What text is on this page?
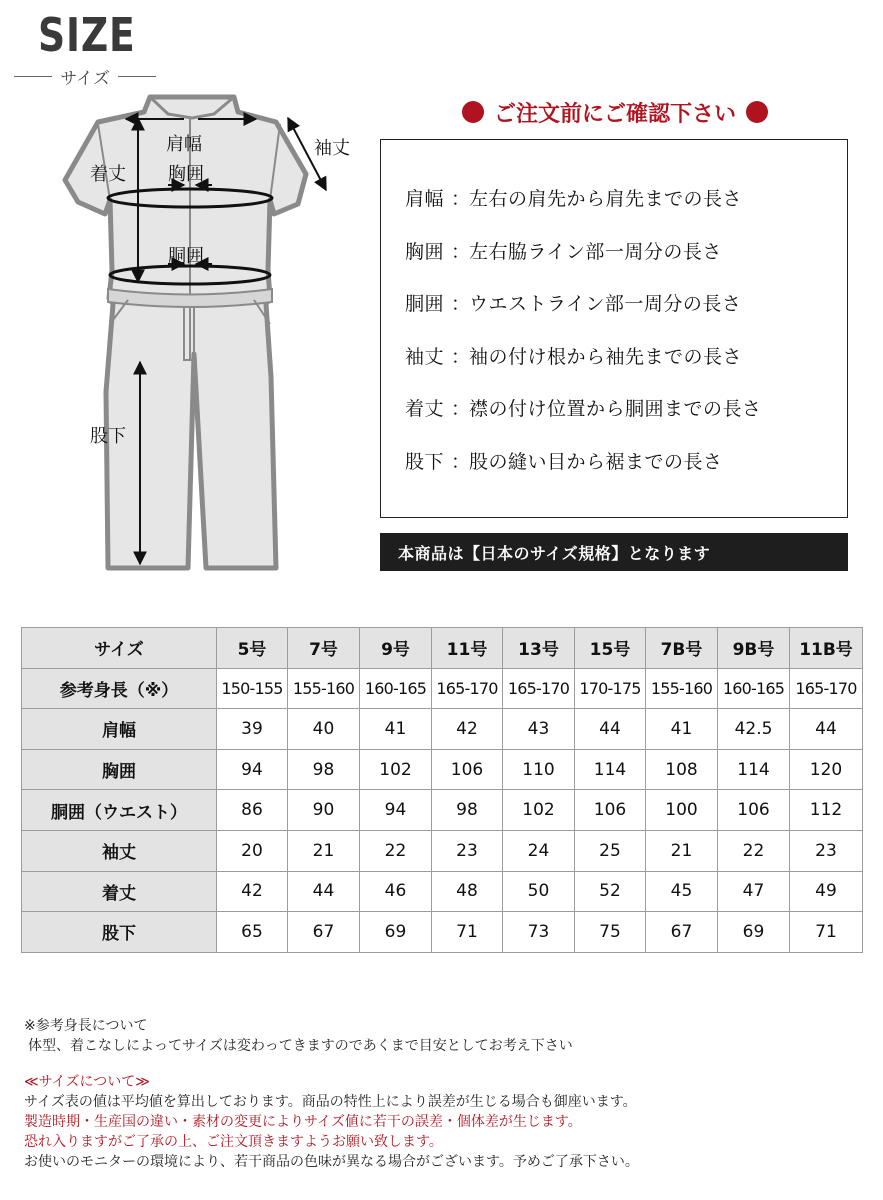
SIZE
サイズ
肩幅
胸囲
着丈
袖丈
胴囲
股下
ご注文前にご確認下さい
肩幅 ：
左右の肩先から肩先までの長さ
胸囲 ：
左右脇ライン部一周分の長さ
胴囲 ：
ウエストライン部一周分の長さ
袖丈 ：
袖の付け根から袖先までの長さ
着丈 ：
襟の付け位置から胴囲までの長さ
股下 ：
股の縫い目から裾までの長さ
本商品は【日本のサイズ規格】となります
サイズ	5号	7号	9号	11号	13号	15号	7B号	9B号	11B号
参考身長（※）	150-155	155-160	160-165	165-170	165-170	170-175	155-160	160-165	165-170
肩幅	39	40	41	42	43	44	41	42.5	44
胸囲	94	98	102	106	110	114	108	114	120
胴囲（ウエスト）	86	90	94	98	102	106	100	106	112
袖丈	20	21	22	23	24	25	21	22	23
着丈	42	44	46	48	50	52	45	47	49
股下	65	67	69	71	73	75	67	69	71

※参考身長について

体型、着こなしによってサイズは変わってきますのであくまで目安としてお考え下さい

≪サイズについて≫

サイズ表の値は平均値を算出しております。商品の特性上により誤差が生じる場合も御座います。

製造時期・生産国の違い・素材の変更によりサイズ値に若干の誤差・個体差が生じます。

恐れ入りますがご了承の上、ご注文頂きますようお願い致します。

お使いのモニターの環境により、若干商品の色味が異なる場合がございます。予めご了承下さい。
